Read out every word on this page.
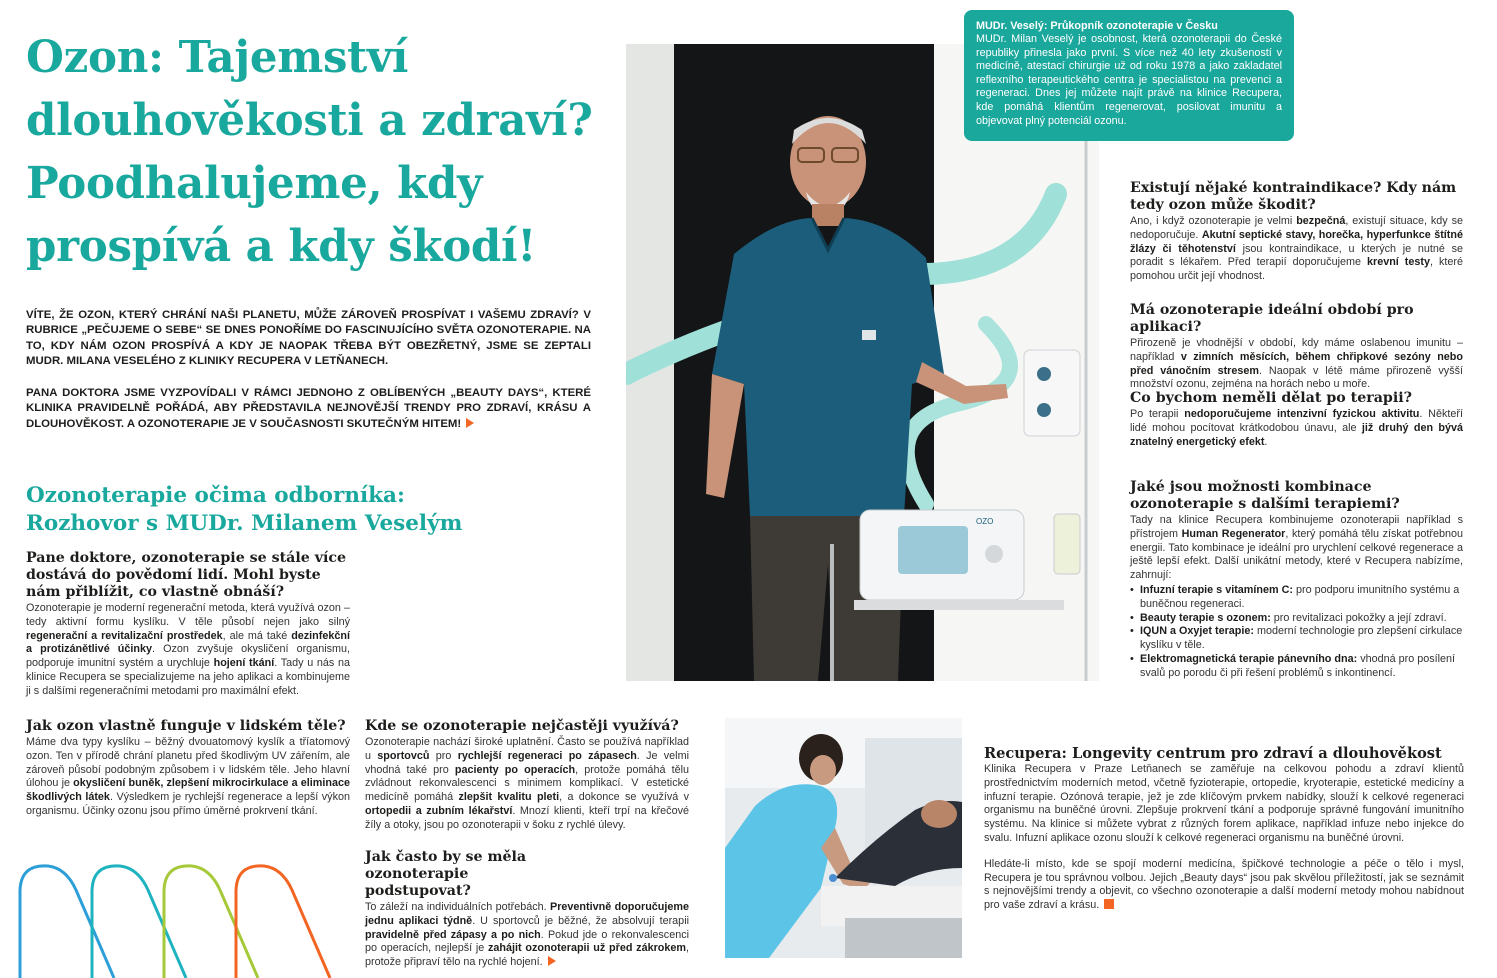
Ozon: Tajemství dlouhověkosti a zdraví? Poodhalujeme, kdy prospívá a kdy škodí!

VÍTE, ŽE OZON, KTERÝ CHRÁNÍ NAŠI PLANETU, MŮŽE ZÁROVEŇ PROSPÍVAT I VAŠEMU ZDRAVÍ? V RUBRICE „PEČUJEME O SEBE“ SE DNES PONOŘÍME DO FASCINUJÍCÍHO SVĚTA OZONOTERAPIE. NA TO, KDY NÁM OZON PROSPÍVÁ A KDY JE NAOPAK TŘEBA BÝT OBEZŘETNÝ, JSME SE ZEPTALI MUDR. MILANA VESELÉHO Z KLINIKY RECUPERA V LETŇANECH.

PANA DOKTORA JSME VYZPOVÍDALI V RÁMCI JEDNOHO Z OBLÍBENÝCH „BEAUTY DAYS“, KTERÉ KLINIKA PRAVIDELNĚ POŘÁDÁ, ABY PŘEDSTAVILA NEJNOVĚJŠÍ TRENDY PRO ZDRAVÍ, KRÁSU A DLOUHOVĚKOST. A OZONOTERAPIE JE V SOUČASNOSTI SKUTEČNÝM HITEM!

Ozonoterapie očima odborníka: Rozhovor s MUDr. Milanem Veselým
Pane doktore, ozonoterapie se stále více dostává do povědomí lidí. Mohl byste nám přiblížit, co vlastně obnáší?

Ozonoterapie je moderní regenerační metoda, která využívá ozon – tedy aktivní formu kyslíku. V těle působí nejen jako silný regenerační a revitalizační prostředek, ale má také dezinfekční a protizánětlivé účinky. Ozon zvyšuje okysličení organismu, podporuje imunitní systém a urychluje hojení tkání. Tady u nás na klinice Recupera se specializujeme na jeho aplikaci a kombinujeme ji s dalšími regeneračními metodami pro maximální efekt.

Jak ozon vlastně funguje v lidském těle?

Máme dva typy kyslíku – běžný dvouatomový kyslík a tříatomový ozon. Ten v přírodě chrání planetu před škodlivým UV zářením, ale zároveň působí podobným způsobem i v lidském těle. Jeho hlavní úlohou je okysličení buněk, zlepšení mikrocirkulace a eliminace škodlivých látek. Výsledkem je rychlejší regenerace a lepší výkon organismu. Účinky ozonu jsou přímo úměrné prokrvení tkání.

Kde se ozonoterapie nejčastěji využívá?

Ozonoterapie nachází široké uplatnění. Často se používá například u sportovců pro rychlejší regeneraci po zápasech. Je velmi vhodná také pro pacienty po operacích, protože pomáhá tělu zvládnout rekonvalescenci s minimem komplikací. V estetické medicíně pomáhá zlepšit kvalitu pleti, a dokonce se využívá v ortopedii a zubním lékařství. Mnozí klienti, kteří trpí na křečové žíly a otoky, jsou po ozonoterapii v šoku z rychlé úlevy.

Jak často by se měla ozonoterapie podstupovat?

To záleží na individuálních potřebách. Preventivně doporučujeme jednu aplikaci týdně. U sportovců je běžné, že absolvují terapii pravidelně před zápasy a po nich. Pokud jde o rekonvalescenci po operacích, nejlepší je zahájit ozonoterapii už před zákrokem, protože připraví tělo na rychlé hojení.

OZO
MUDr. Veselý: Průkopník ozonoterapie v Česku

MUDr. Milan Veselý je osobnost, která ozonoterapii do České republiky přinesla jako první. S více než 40 lety zkušeností v medicíně, atestací chirurgie už od roku 1978 a jako zakladatel reflexního terapeutického centra je specialistou na prevenci a regeneraci. Dnes jej můžete najít právě na klinice Recupera, kde pomáhá klientům regenerovat, posilovat imunitu a objevovat plný potenciál ozonu.

Existují nějaké kontraindikace? Kdy nám tedy ozon může škodit?

Ano, i když ozonoterapie je velmi bezpečná, existují situace, kdy se nedoporučuje. Akutní septické stavy, horečka, hyperfunkce štítné žlázy či těhotenství jsou kontraindikace, u kterých je nutné se poradit s lékařem. Před terapií doporučujeme krevní testy, které pomohou určit její vhodnost.

Má ozonoterapie ideální období pro aplikaci?

Přirozeně je vhodnější v období, kdy máme oslabenou imunitu – například v zimních měsících, během chřipkové sezóny nebo před vánočním stresem. Naopak v létě máme přirozeně vyšší množství ozonu, zejména na horách nebo u moře.

Co bychom neměli dělat po terapii?

Po terapii nedoporučujeme intenzivní fyzickou aktivitu. Někteří lidé mohou pocítovat krátkodobou únavu, ale již druhý den bývá znatelný energetický efekt.

Jaké jsou možnosti kombinace ozonoterapie s dalšími terapiemi?

Tady na klinice Recupera kombinujeme ozonoterapii například s přístrojem Human Regenerator, který pomáhá tělu získat potřebnou energii. Tato kombinace je ideální pro urychlení celkové regenerace a ještě lepší efekt. Další unikátní metody, které v Recupera nabízíme, zahrnují:

• Infuzní terapie s vitamínem C: pro podporu imunitního systému a buněčnou regeneraci.
• Beauty terapie s ozonem: pro revitalizaci pokožky a její zdraví.
• IQUN a Oxyjet terapie: moderní technologie pro zlepšení cirkulace kyslíku v těle.
• Elektromagnetická terapie pánevního dna: vhodná pro posílení svalů po porodu či při řešení problémů s inkontinencí.
Recupera: Longevity centrum pro zdraví a dlouhověkost

Klinika Recupera v Praze Letňanech se zaměřuje na celkovou pohodu a zdraví klientů prostřednictvím moderních metod, včetně fyzioterapie, ortopedie, kryoterapie, estetické medicíny a infuzní terapie. Ozónová terapie, jež je zde klíčovým prvkem nabídky, slouží k celkové regeneraci organismu na buněčné úrovni. Zlepšuje prokrvení tkání a podporuje správné fungování imunitního systému. Na klinice si můžete vybrat z různých forem aplikace, například infuze nebo injekce do svalu. Infuzní aplikace ozonu slouží k celkové regeneraci organismu na buněčné úrovni.

Hledáte-li místo, kde se spojí moderní medicína, špičkové technologie a péče o tělo i mysl, Recupera je tou správnou volbou. Jejich „Beauty days“ jsou pak skvělou příležitostí, jak se seznámit s nejnovějšími trendy a objevit, co všechno ozonoterapie a další moderní metody mohou nabídnout pro vaše zdraví a krásu.
